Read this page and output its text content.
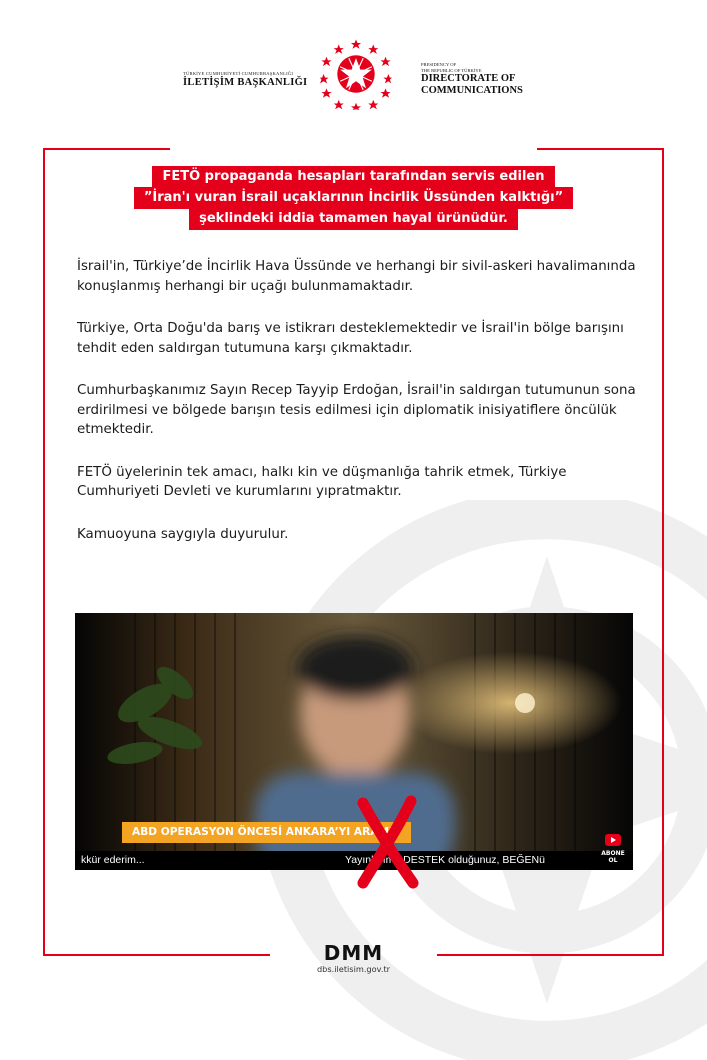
TÜRKİYE CUMHURİYETİ CUMHURBAŞKANLIĞI
İLETİŞİM BAŞKANLIĞI
PRESIDENCY OF
THE REPUBLIC OF TÜRKİYE
DIRECTORATE OF
COMMUNICATIONS
FETÖ propaganda hesapları tarafından servis edilen
”İran'ı vuran İsrail uçaklarının İncirlik Üssünden kalktığı”
şeklindeki iddia tamamen hayal ürünüdür.

İsrail'in, Türkiye’de İncirlik Hava Üssünde ve herhangi bir sivil-askeri havalimanında konuşlanmış herhangi bir uçağı bulunmamaktadır.

Türkiye, Orta Doğu'da barış ve istikrarı desteklemektedir ve İsrail'in bölge barışını tehdit eden saldırgan tutumuna karşı çıkmaktadır.

Cumhurbaşkanımız Sayın Recep Tayyip Erdoğan, İsrail'in saldırgan tutumunun sona erdirilmesi ve bölgede barışın tesis edilmesi için diplomatik inisiyatiflere öncülük etmektedir.

FETÖ üyelerinin tek amacı, halkı kin ve düşmanlığa tahrik etmek, Türkiye Cumhuriyeti Devleti ve kurumlarını yıpratmaktır.

Kamuoyuna saygıyla duyurulur.

ABD OPERASYON ÖNCESİ ANKARA’YI ARAMIŞ
kkür ederim...	Yayınlarıma DESTEK olduğunuz, BEĞENü
ABONE
OL
DMM
dbs.iletisim.gov.tr
